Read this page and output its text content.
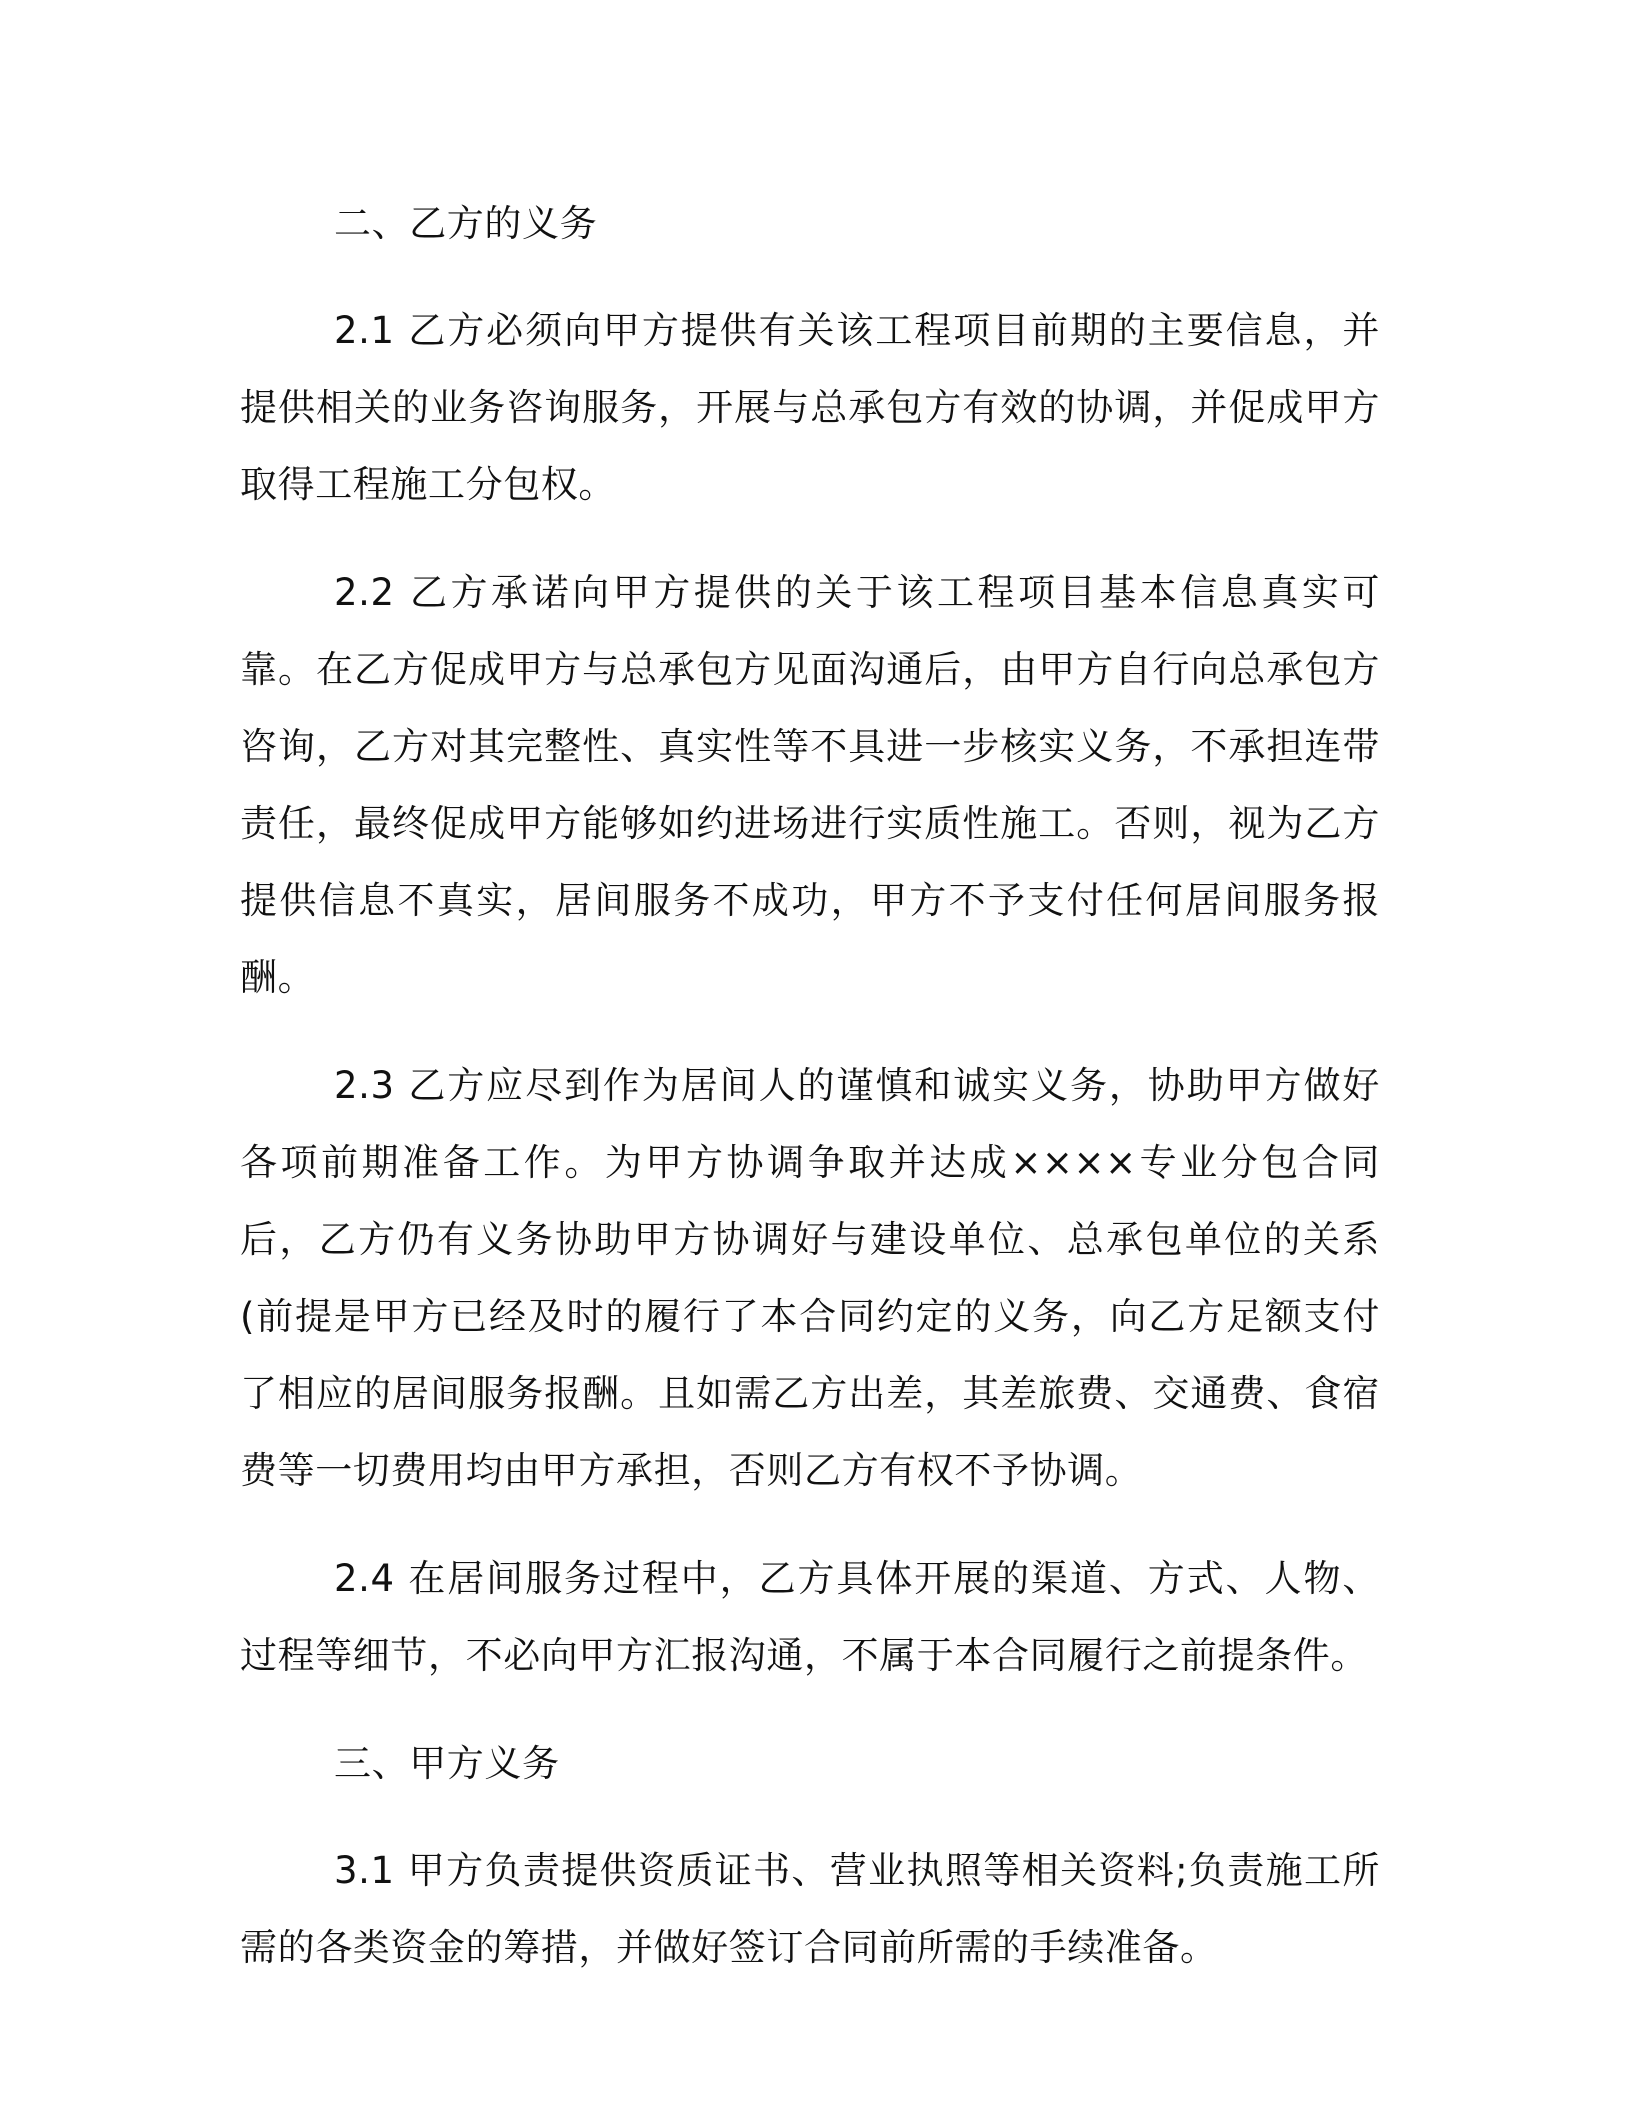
二、乙方的义务

2.1 乙方必须向甲方提供有关该工程项目前期的主要信息，并提供相关的业务咨询服务，开展与总承包方有效的协调，并促成甲方取得工程施工分包权。

2.2 乙方承诺向甲方提供的关于该工程项目基本信息真实可靠。在乙方促成甲方与总承包方见面沟通后，由甲方自行向总承包方咨询，乙方对其完整性、真实性等不具进一步核实义务，不承担连带责任，最终促成甲方能够如约进场进行实质性施工。否则，视为乙方提供信息不真实，居间服务不成功，甲方不予支付任何居间服务报酬。

2.3 乙方应尽到作为居间人的谨慎和诚实义务，协助甲方做好各项前期准备工作。为甲方协调争取并达成××××专业分包合同后，乙方仍有义务协助甲方协调好与建设单位、总承包单位的关系(前提是甲方已经及时的履行了本合同约定的义务，向乙方足额支付了相应的居间服务报酬。且如需乙方出差，其差旅费、交通费、食宿费等一切费用均由甲方承担，否则乙方有权不予协调。

2.4 在居间服务过程中，乙方具体开展的渠道、方式、人物、过程等细节，不必向甲方汇报沟通，不属于本合同履行之前提条件。

三、甲方义务

3.1 甲方负责提供资质证书、营业执照等相关资料;负责施工所需的各类资金的筹措，并做好签订合同前所需的手续准备。
